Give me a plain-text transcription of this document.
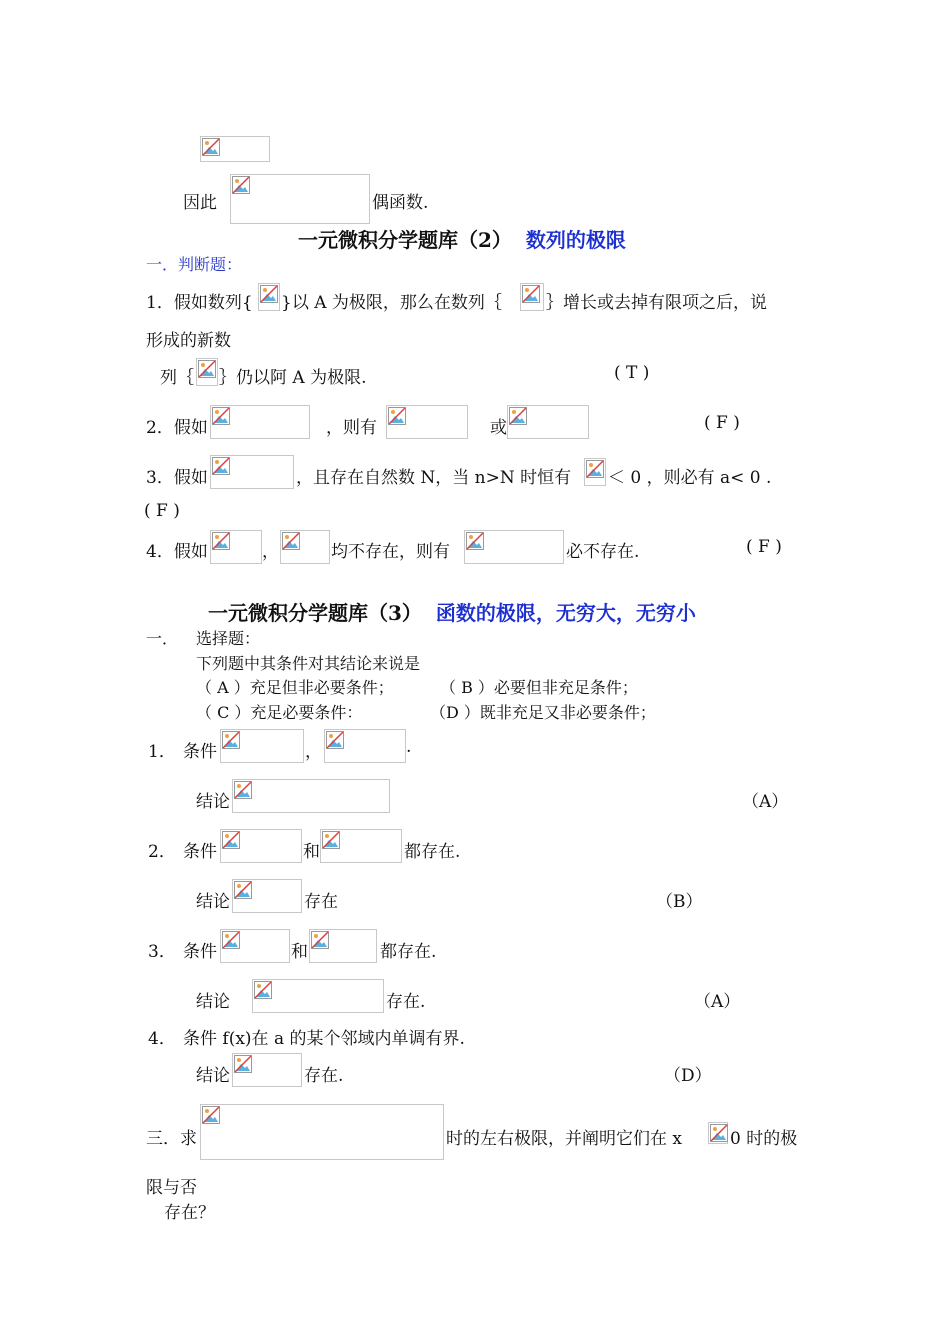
因此	偶函数.
一元微积分学题库（2） 数列的极限
一．判断题：
1．假如数列{ }以 A 为极限，那么在数列｛	｝增长或去掉有限项之后，说
形成的新数
列｛ ｝仍以阿 A 为极限.	( T )
2．假如	，则有	或	( F )
3．假如	，且存在自然数 N，当 n>N 时恒有 ＜ 0 ，则必有 a< 0 .
( F )
4．假如	，	均不存在，则有	必不存在.	( F )
一元微积分学题库（3） 函数的极限，无穷大，无穷小
一． 选择题：
下列题中其条件对其结论来说是
（ A ）充足但非必要条件；	（ B ）必要但非充足条件；
（ C ）充足必要条件：	（D ）既非充足又非必要条件；
1． 条件	，	.
结论	（A）
2． 条件	和	都存在.
结论	存在	（B）
3． 条件	和	都存在.
结论	存在.	（A）
4． 条件 f(x)在 a 的某个邻域内单调有界.
结论	存在.	（D）
三．求	时的左右极限，并阐明它们在 x	0 时的极
限与否
存在？
